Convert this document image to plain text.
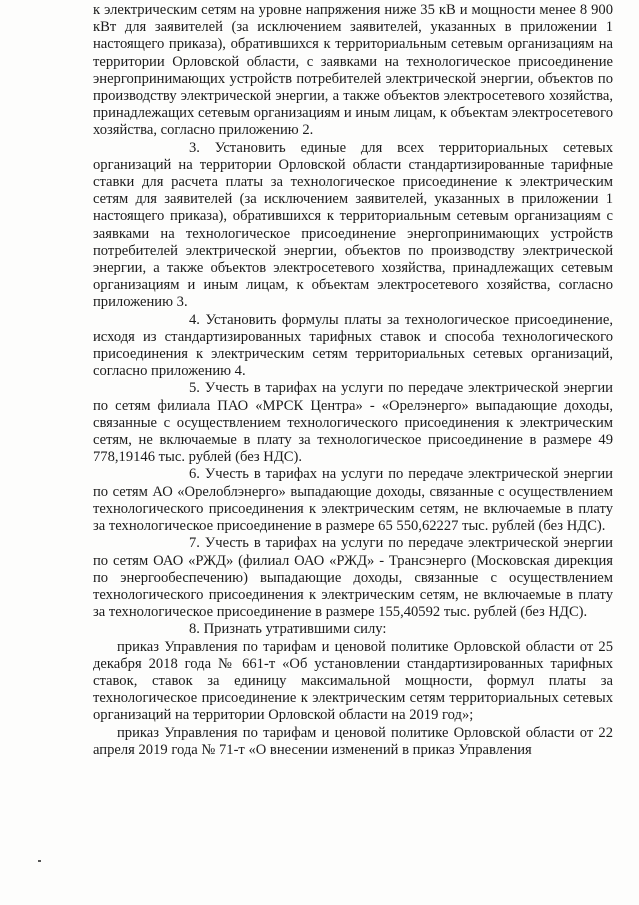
к электрическим сетям на уровне напряжения ниже 35 кВ и мощности менее 8 900 кВт для заявителей (за исключением заявителей, указанных в приложении 1 настоящего приказа), обратившихся к территориальным сетевым организациям на территории Орловской области, с заявками на технологическое присоединение энергопринимающих устройств потребителей электрической энергии, объектов по производству электрической энергии, а также объектов электросетевого хозяйства, принадлежащих сетевым организациям и иным лицам, к объектам электросетевого хозяйства, согласно приложению 2.

3. Установить единые для всех территориальных сетевых организаций на территории Орловской области стандартизированные тарифные ставки для расчета платы за технологическое присоединение к электрическим сетям для заявителей (за исключением заявителей, указанных в приложении 1 настоящего приказа), обратившихся к территориальным сетевым организациям с заявками на технологическое присоединение энергопринимающих устройств потребителей электрической энергии, объектов по производству электрической энергии, а также объектов электросетевого хозяйства, принадлежащих сетевым организациям и иным лицам, к объектам электросетевого хозяйства, согласно приложению 3.

4. Установить формулы платы за технологическое присоединение, исходя из стандартизированных тарифных ставок и способа технологического присоединения к электрическим сетям территориальных сетевых организаций, согласно приложению 4.

5. Учесть в тарифах на услуги по передаче электрической энергии по сетям филиала ПАО «МРСК Центра» - «Орелэнерго» выпадающие доходы, связанные с осуществлением технологического присоединения к электрическим сетям, не включаемые в плату за технологическое присоединение в размере 49 778,19146 тыс. рублей (без НДС).

6. Учесть в тарифах на услуги по передаче электрической энергии по сетям АО «Орелоблэнерго» выпадающие доходы, связанные с осуществлением технологического присоединения к электрическим сетям, не включаемые в плату за технологическое присоединение в размере 65 550,62227 тыс. рублей (без НДС).

7. Учесть в тарифах на услуги по передаче электрической энергии по сетям ОАО «РЖД» (филиал ОАО «РЖД» - Трансэнерго (Московская дирекция по энергообеспечению) выпадающие доходы, связанные с осуществлением технологического присоединения к электрическим сетям, не включаемые в плату за технологическое присоединение в размере 155,40592 тыс. рублей (без НДС).

8. Признать утратившими силу:

приказ Управления по тарифам и ценовой политике Орловской области от 25 декабря 2018 года № 661-т «Об установлении стандартизированных тарифных ставок, ставок за единицу максимальной мощности, формул платы за технологическое присоединение к электрическим сетям территориальных сетевых организаций на территории Орловской области на 2019 год»;

приказ Управления по тарифам и ценовой политике Орловской области от 22 апреля 2019 года № 71-т «О внесении изменений в приказ Управления
